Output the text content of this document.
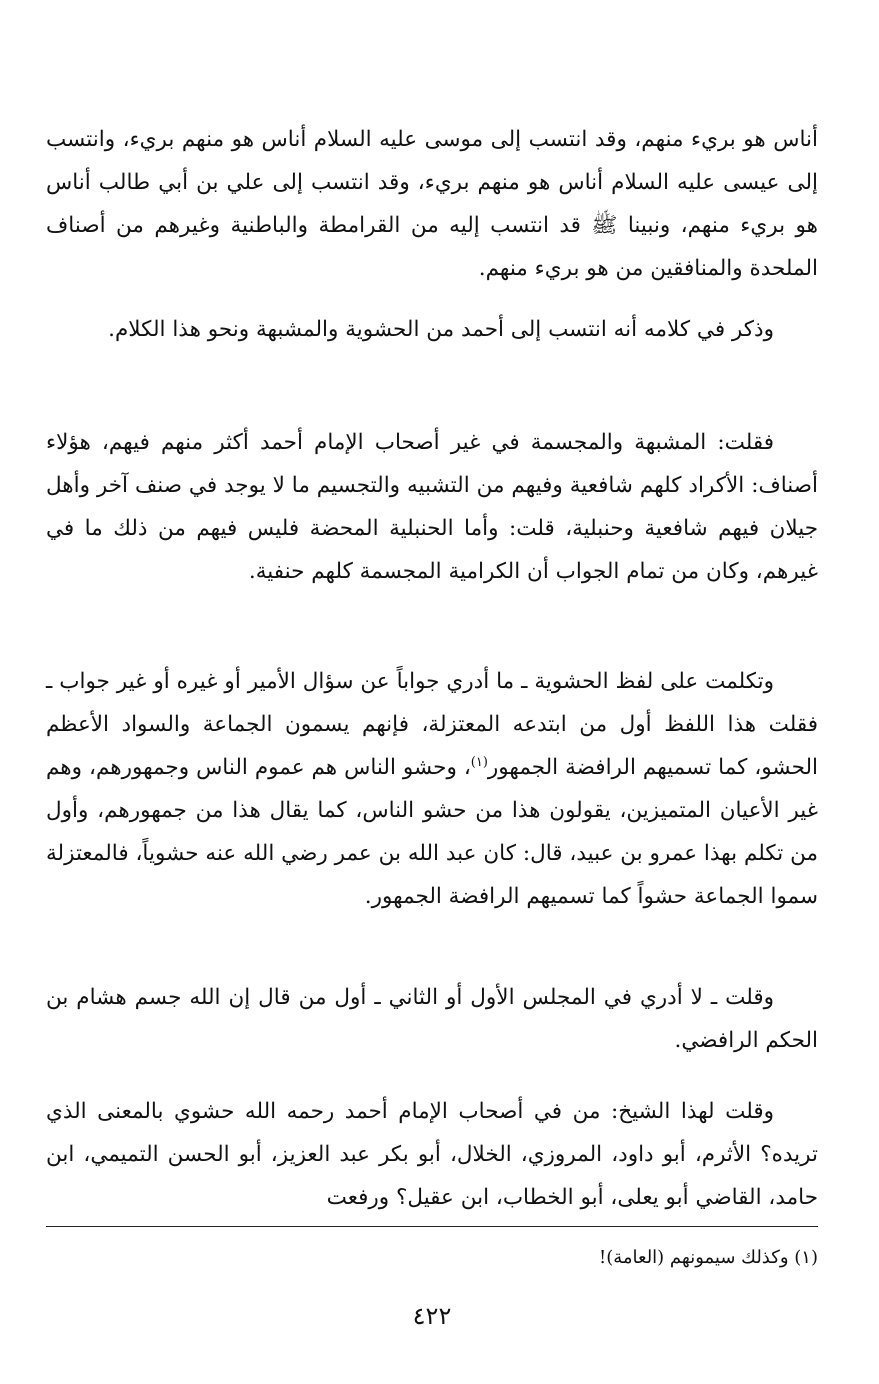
أناس هو بريء منهم، وقد انتسب إلى موسى عليه السلام أناس هو منهم بريء، وانتسب إلى عيسى عليه السلام أناس هو منهم بريء، وقد انتسب إلى علي بن أبي طالب أناس هو بريء منهم، ونبينا ﷺ قد انتسب إليه من القرامطة والباطنية وغيرهم من أصناف الملحدة والمنافقين من هو بريء منهم.

وذكر في كلامه أنه انتسب إلى أحمد من الحشوية والمشبهة ونحو هذا الكلام.

فقلت: المشبهة والمجسمة في غير أصحاب الإمام أحمد أكثر منهم فيهم، هؤلاء أصناف: الأكراد كلهم شافعية وفيهم من التشبيه والتجسيم ما لا يوجد في صنف آخر وأهل جيلان فيهم شافعية وحنبلية، قلت: وأما الحنبلية المحضة فليس فيهم من ذلك ما في غيرهم، وكان من تمام الجواب أن الكرامية المجسمة كلهم حنفية.

وتكلمت على لفظ الحشوية ـ ما أدري جواباً عن سؤال الأمير أو غيره أو غير جواب ـ فقلت هذا اللفظ أول من ابتدعه المعتزلة، فإنهم يسمون الجماعة والسواد الأعظم الحشو، كما تسميهم الرافضة الجمهور$^{(١)}$، وحشو الناس هم عموم الناس وجمهورهم، وهم غير الأعيان المتميزين، يقولون هذا من حشو الناس، كما يقال هذا من جمهورهم، وأول من تكلم بهذا عمرو بن عبيد، قال: كان عبد الله بن عمر رضي الله عنه حشوياً، فالمعتزلة سموا الجماعة حشواً كما تسميهم الرافضة الجمهور.

وقلت ـ لا أدري في المجلس الأول أو الثاني ـ أول من قال إن الله جسم هشام بن الحكم الرافضي.

وقلت لهذا الشيخ: من في أصحاب الإمام أحمد رحمه الله حشوي بالمعنى الذي تريده؟ الأثرم، أبو داود، المروزي، الخلال، أبو بكر عبد العزيز، أبو الحسن التميمي، ابن حامد، القاضي أبو يعلى، أبو الخطاب، ابن عقيل؟ ورفعت

(١) وكذلك سيمونهم (العامة)!
٤٢٢
